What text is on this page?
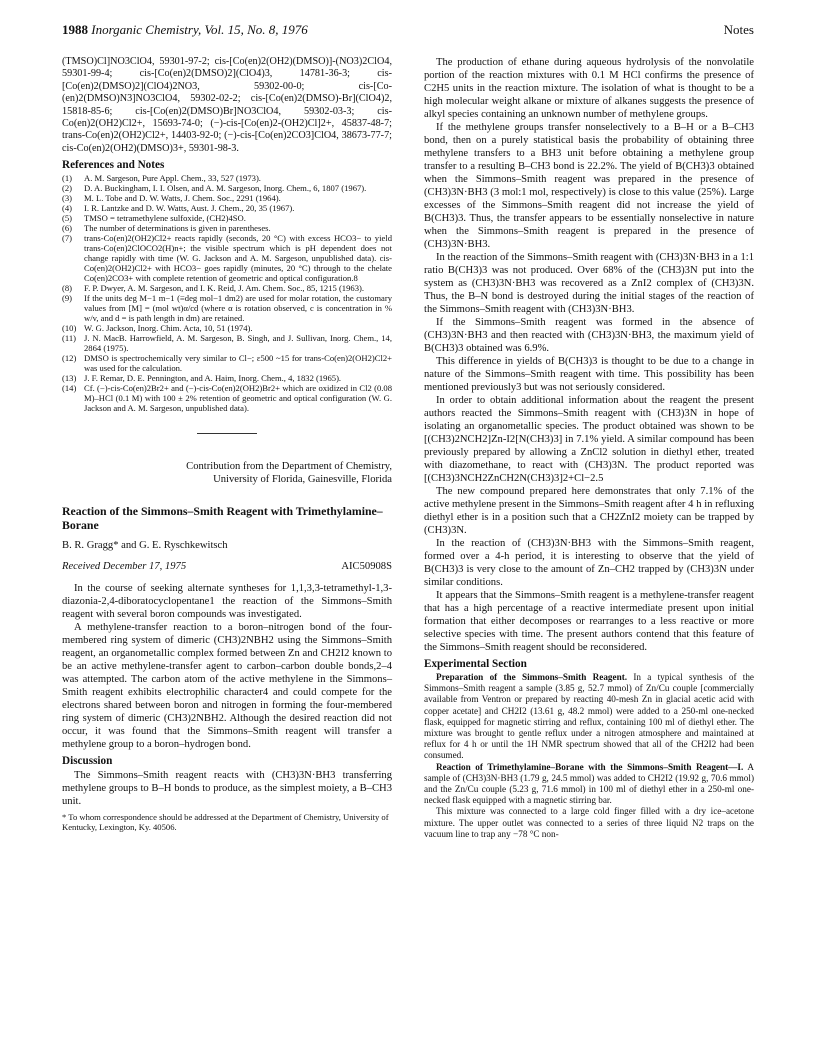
1988 Inorganic Chemistry, Vol. 15, No. 8, 1976	Notes

(TMSO)Cl]NO3ClO4, 59301-97-2; cis-[Co(en)2(OH2)(DMSO)]-(NO3)2ClO4, 59301-99-4; cis-[Co(en)2(DMSO)2](ClO4)3, 14781-36-3; cis-[Co(en)2(DMSO)2](ClO4)2NO3, 59302-00-0; cis-[Co-(en)2(DMSO)N3]NO3ClO4, 59302-02-2; cis-[Co(en)2(DMSO)-Br](ClO4)2, 15818-85-6; cis-[Co(en)2(DMSO)Br]NO3ClO4, 59302-03-3; cis-Co(en)2(OH2)Cl2+, 15693-74-0; (−)-cis-[Co(en)2-(OH2)Cl]2+, 45837-48-7; trans-Co(en)2(OH2)Cl2+, 14403-92-0; (−)-cis-[Co(en)2CO3]ClO4, 38673-77-7; cis-Co(en)2(OH2)(DMSO)3+, 59301-98-3.

References and Notes
(1)	A. M. Sargeson, Pure Appl. Chem., 33, 527 (1973).
(2)	D. A. Buckingham, I. I. Olsen, and A. M. Sargeson, Inorg. Chem., 6, 1807 (1967).
(3)	M. L. Tobe and D. W. Watts, J. Chem. Soc., 2291 (1964).
(4)	I. R. Lantzke and D. W. Watts, Aust. J. Chem., 20, 35 (1967).
(5)	TMSO = tetramethylene sulfoxide, (CH2)4SO.
(6)	The number of determinations is given in parentheses.
(7)	trans-Co(en)2(OH2)Cl2+ reacts rapidly (seconds, 20 °C) with excess HCO3− to yield trans-Co(en)2ClOCO2(H)n+; the visible spectrum which is pH dependent does not change rapidly with time (W. G. Jackson and A. M. Sargeson, unpublished data). cis-Co(en)2(OH2)Cl2+ with HCO3− goes rapidly (minutes, 20 °C) through to the chelate Co(en)2CO3+ with complete retention of geometric and optical configuration.8
(8)	F. P. Dwyer, A. M. Sargeson, and I. K. Reid, J. Am. Chem. Soc., 85, 1215 (1963).
(9)	If the units deg M−1 m−1 (≡deg mol−1 dm2) are used for molar rotation, the customary values from [M] = (mol wt)α/cd (where α is rotation observed, c is concentration in % w/v, and d = is path length in dm) are retained.
(10) W. G. Jackson, Inorg. Chim. Acta, 10, 51 (1974).
(11) J. N. MacB. Harrowfield, A. M. Sargeson, B. Singh, and J. Sullivan, Inorg. Chem., 14, 2864 (1975).
(12) DMSO is spectrochemically very similar to Cl−; ε500 ~15 for trans-Co(en)2(OH2)Cl2+ was used for the calculation.
(13) J. F. Remar, D. E. Pennington, and A. Haim, Inorg. Chem., 4, 1832 (1965).
(14) Cf. (−)-cis-Co(en)2Br2+ and (−)-cis-Co(en)2(OH2)Br2+ which are oxidized in Cl2 (0.08 M)–HCl (0.1 M) with 100 ± 2% retention of geometric and optical configuration (W. G. Jackson and A. M. Sargeson, unpublished data).
Contribution from the Department of Chemistry,
University of Florida, Gainesville, Florida
Reaction of the Simmons–Smith Reagent with Trimethylamine–Borane
B. R. Gragg* and G. E. Ryschkewitsch
Received December 17, 1975	AIC50908S

In the course of seeking alternate syntheses for 1,1,3,3-tetramethyl-1,3-diazonia-2,4-diboratocyclopentane1 the reaction of the Simmons–Smith reagent with several boron compounds was investigated.

A methylene-transfer reaction to a boron–nitrogen bond of the four-membered ring system of dimeric (CH3)2NBH2 using the Simmons–Smith reagent, an organometallic complex formed between Zn and CH2I2 known to be an active methylene-transfer agent to carbon–carbon double bonds,2–4 was attempted. The carbon atom of the active methylene in the Simmons–Smith reagent exhibits electrophilic character4 and could compete for the electrons shared between boron and nitrogen in forming the four-membered ring system of dimeric (CH3)2NBH2. Although the desired reaction did not occur, it was found that the Simmons–Smith reagent will transfer a methylene group to a boron–hydrogen bond.

Discussion

The Simmons–Smith reagent reacts with (CH3)3N·BH3 transferring methylene groups to B–H bonds to produce, as the simplest moiety, a B–CH3 unit.

* To whom correspondence should be addressed at the Department of Chemistry, University of Kentucky, Lexington, Ky. 40506.

The production of ethane during aqueous hydrolysis of the nonvolatile portion of the reaction mixtures with 0.1 M HCl confirms the presence of C2H5 units in the reaction mixture. The isolation of what is thought to be a high molecular weight alkane or mixture of alkanes suggests the presence of alkyl species containing an unknown number of methylene groups.

If the methylene groups transfer nonselectively to a B–H or a B–CH3 bond, then on a purely statistical basis the probability of obtaining three methylene transfers to a BH3 unit before obtaining a methylene group transfer to a resulting B–CH3 bond is 22.2%. The yield of B(CH3)3 obtained when the Simmons–Smith reagent was prepared in the presence of (CH3)3N·BH3 (3 mol:1 mol, respectively) is close to this value (25%). Large excesses of the Simmons–Smith reagent did not increase the yield of B(CH3)3. Thus, the transfer appears to be essentially nonselective in nature when the Simmons–Smith reagent is prepared in the presence of (CH3)3N·BH3.

In the reaction of the Simmons–Smith reagent with (CH3)3N·BH3 in a 1:1 ratio B(CH3)3 was not produced. Over 68% of the (CH3)3N put into the system as (CH3)3N·BH3 was recovered as a ZnI2 complex of (CH3)3N. Thus, the B–N bond is destroyed during the initial stages of the reaction of the Simmons–Smith reagent with (CH3)3N·BH3.

If the Simmons–Smith reagent was formed in the absence of (CH3)3N·BH3 and then reacted with (CH3)3N·BH3, the maximum yield of B(CH3)3 obtained was 6.9%.

This difference in yields of B(CH3)3 is thought to be due to a change in nature of the Simmons–Smith reagent with time. This possibility has been mentioned previously3 but was not seriously considered.

In order to obtain additional information about the reagent the present authors reacted the Simmons–Smith reagent with (CH3)3N in hope of isolating an organometallic species. The product obtained was shown to be [(CH3)2NCH2]Zn-I2[N(CH3)3] in 7.1% yield. A similar compound has been previously prepared by allowing a ZnCl2 solution in diethyl ether, treated with diazomethane, to react with (CH3)3N. The product reported was [(CH3)3NCH2ZnCH2N(CH3)3]2+Cl−2.5

The new compound prepared here demonstrates that only 7.1% of the active methylene present in the Simmons–Smith reagent after 4 h in refluxing diethyl ether is in a position such that a CH2ZnI2 moiety can be trapped by (CH3)3N.

In the reaction of (CH3)3N·BH3 with the Simmons–Smith reagent, formed over a 4-h period, it is interesting to observe that the yield of B(CH3)3 is very close to the amount of Zn–CH2 trapped by (CH3)3N under similar conditions.

It appears that the Simmons–Smith reagent is a methylene-transfer reagent that has a high percentage of a reactive intermediate present upon initial formation that either decomposes or rearranges to a less reactive or more selective species with time. The present authors contend that this feature of the Simmons–Smith reagent should be reconsidered.

Experimental Section

Preparation of the Simmons–Smith Reagent. In a typical synthesis of the Simmons–Smith reagent a sample (3.85 g, 52.7 mmol) of Zn/Cu couple [commercially available from Ventron or prepared by reacting 40-mesh Zn in glacial acetic acid with copper acetate] and CH2I2 (13.61 g, 48.2 mmol) were added to a 250-ml one-necked flask, equipped for magnetic stirring and reflux, containing 100 ml of diethyl ether. The mixture was brought to gentle reflux under a nitrogen atmosphere and maintained at reflux for 4 h or until the 1H NMR spectrum showed that all of the CH2I2 had been consumed.

Reaction of Trimethylamine–Borane with the Simmons–Smith Reagent—I. A sample of (CH3)3N·BH3 (1.79 g, 24.5 mmol) was added to CH2I2 (19.92 g, 70.6 mmol) and the Zn/Cu couple (5.23 g, 71.6 mmol) in 100 ml of diethyl ether in a 250-ml one-necked flask equipped with a magnetic stirring bar.

This mixture was connected to a large cold finger filled with a dry ice–acetone mixture. The upper outlet was connected to a series of three liquid N2 traps on the vacuum line to trap any −78 °C non-
